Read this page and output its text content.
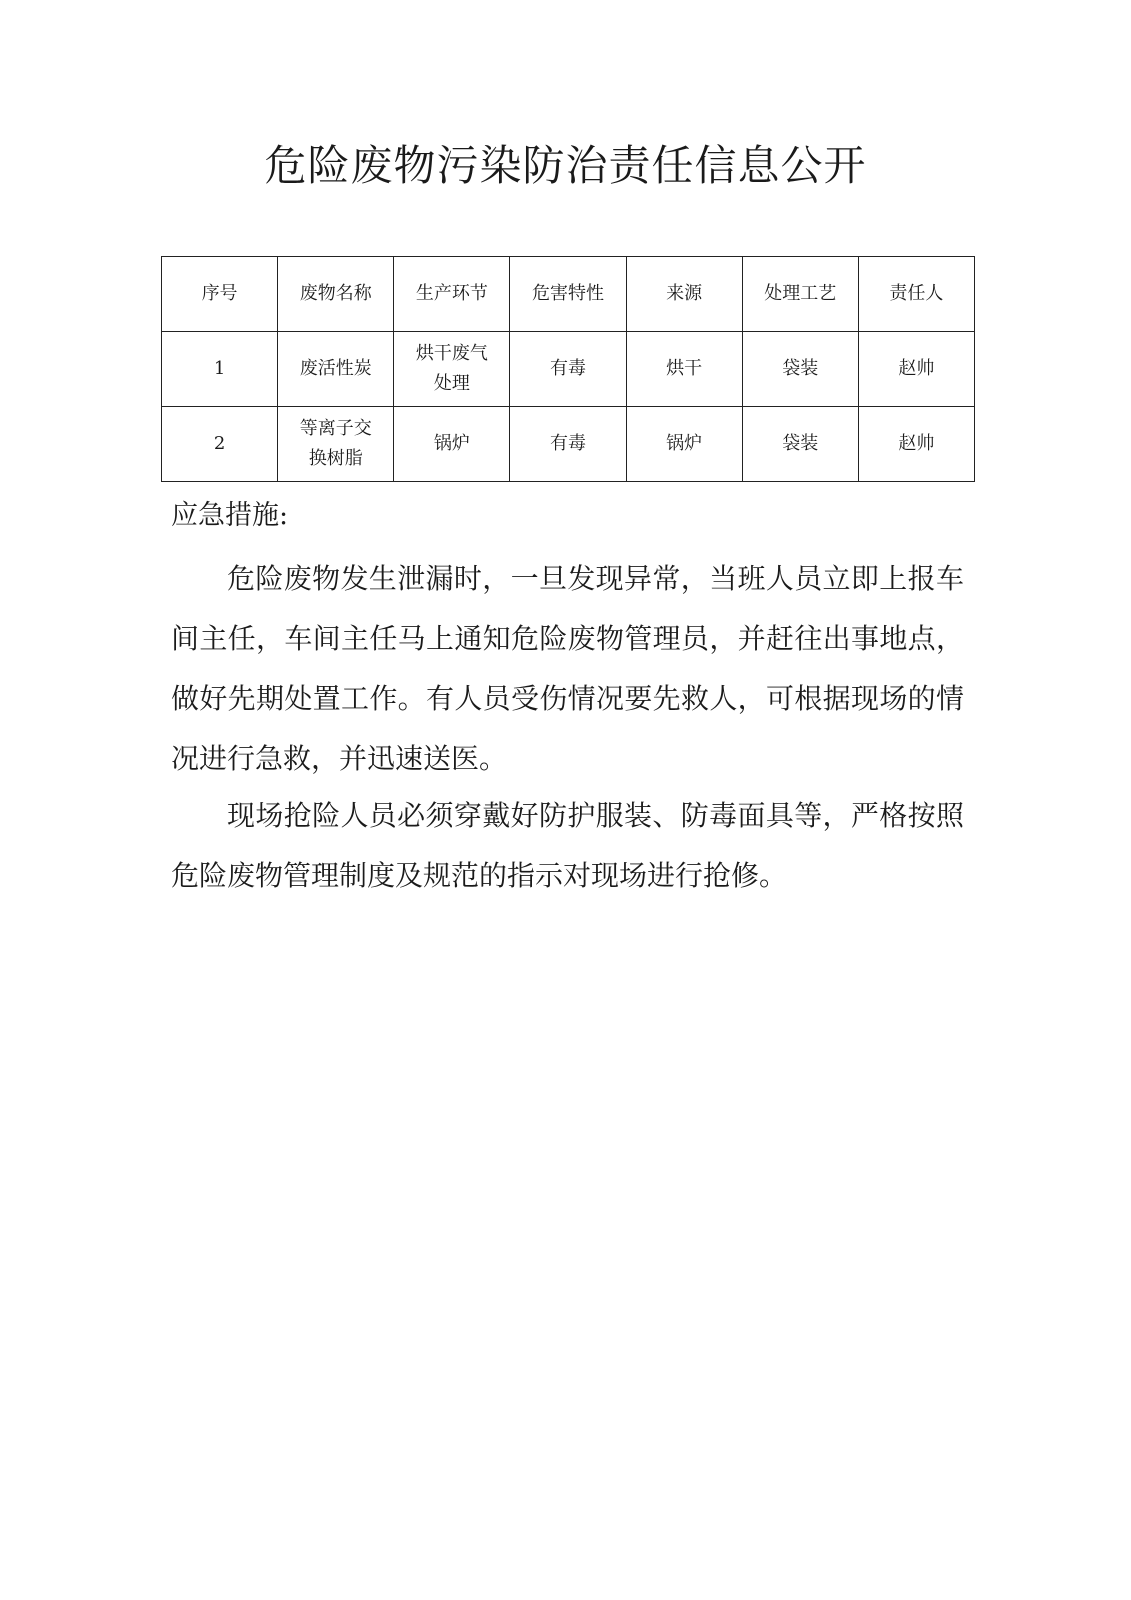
危险废物污染防治责任信息公开
序号	废物名称	生产环节	危害特性	来源	处理工艺	责任人
1	废活性炭	烘干废气处理	有毒	烘干	袋装	赵帅
2	等离子交换树脂	锅炉	有毒	锅炉	袋装	赵帅

应急措施:

危险废物发生泄漏时，一旦发现异常，当班人员立即上报车间主任，车间主任马上通知危险废物管理员，并赶往出事地点，做好先期处置工作。有人员受伤情况要先救人，可根据现场的情况进行急救，并迅速送医。

现场抢险人员必须穿戴好防护服装、防毒面具等，严格按照危险废物管理制度及规范的指示对现场进行抢修。
